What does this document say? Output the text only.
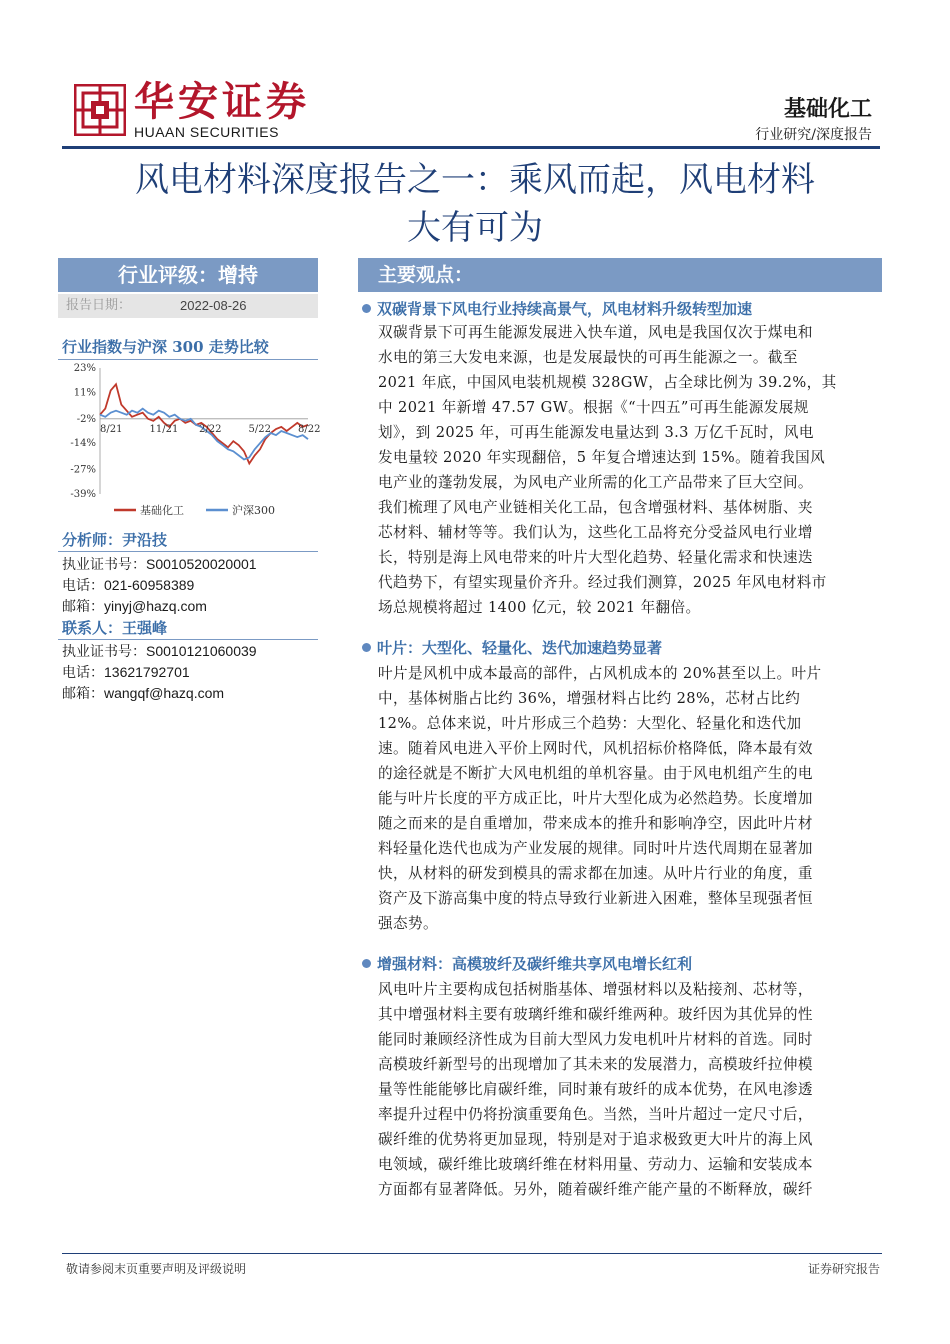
华安证券
HUAAN SECURITIES
基础化工
行业研究/深度报告
风电材料深度报告之一：乘风而起，风电材料
大有可为
行业评级：增持
报告日期：	2022-08-26
行业指数与沪深 300 走势比较
23%
11%
-2%
-14%
-27%
-39%
8/21	11/21 2/22	5/22	8/22
基础化工	沪深300
分析师：尹沿技
执业证书号：S0010520020001
电话：021-60958389
邮箱：yinyj@hazq.com
联系人：王强峰
执业证书号：S0010121060039
电话：13621792701
邮箱：wangqf@hazq.com
主要观点：
双碳背景下风电行业持续高景气，风电材料升级转型加速
双碳背景下可再生能源发展进入快车道，风电是我国仅次于煤电和
水电的第三大发电来源，也是发展最快的可再生能源之一。截至
2021 年底，中国风电装机规模 328GW，占全球比例为 39.2%，其
中 2021 年新增 47.57 GW。根据《“十四五”可再生能源发展规
划》，到 2025 年，可再生能源发电量达到 3.3 万亿千瓦时，风电
发电量较 2020 年实现翻倍，5 年复合增速达到 15%。随着我国风
电产业的蓬勃发展，为风电产业所需的化工产品带来了巨大空间。
我们梳理了风电产业链相关化工品，包含增强材料、基体树脂、夹
芯材料、辅材等等。我们认为，这些化工品将充分受益风电行业增
长，特别是海上风电带来的叶片大型化趋势、轻量化需求和快速迭
代趋势下，有望实现量价齐升。经过我们测算，2025 年风电材料市
场总规模将超过 1400 亿元，较 2021 年翻倍。
叶片：大型化、轻量化、迭代加速趋势显著
叶片是风机中成本最高的部件，占风机成本的 20%甚至以上。叶片
中，基体树脂占比约 36%，增强材料占比约 28%，芯材占比约
12%。总体来说，叶片形成三个趋势：大型化、轻量化和迭代加
速。随着风电进入平价上网时代，风机招标价格降低，降本最有效
的途径就是不断扩大风电机组的单机容量。由于风电机组产生的电
能与叶片长度的平方成正比，叶片大型化成为必然趋势。长度增加
随之而来的是自重增加，带来成本的推升和影响净空，因此叶片材
料轻量化迭代也成为产业发展的规律。同时叶片迭代周期在显著加
快，从材料的研发到模具的需求都在加速。从叶片行业的角度，重
资产及下游高集中度的特点导致行业新进入困难，整体呈现强者恒
强态势。
增强材料：高模玻纤及碳纤维共享风电增长红利
风电叶片主要构成包括树脂基体、增强材料以及粘接剂、芯材等，
其中增强材料主要有玻璃纤维和碳纤维两种。玻纤因为其优异的性
能同时兼顾经济性成为目前大型风力发电机叶片材料的首选。同时
高模玻纤新型号的出现增加了其未来的发展潜力，高模玻纤拉伸模
量等性能能够比肩碳纤维，同时兼有玻纤的成本优势，在风电渗透
率提升过程中仍将扮演重要角色。当然，当叶片超过一定尺寸后，
碳纤维的优势将更加显现，特别是对于追求极致更大叶片的海上风
电领域，碳纤维比玻璃纤维在材料用量、劳动力、运输和安装成本
方面都有显著降低。另外，随着碳纤维产能产量的不断释放，碳纤
敬请参阅末页重要声明及评级说明	证券研究报告
